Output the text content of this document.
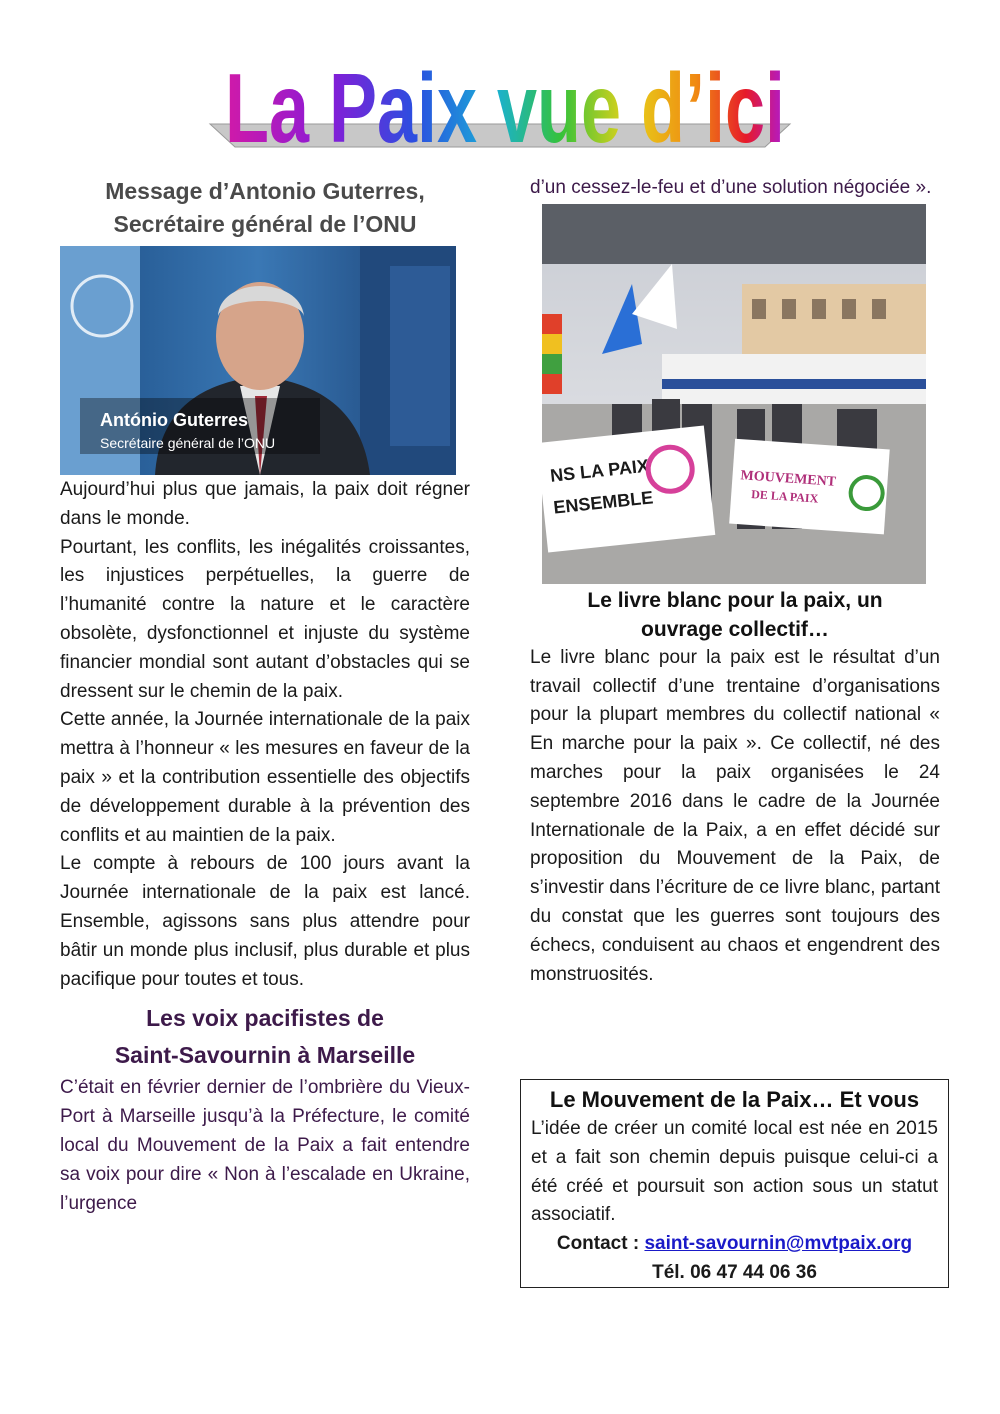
La Paix vue d’ici
Message d’Antonio Guterres,
Secrétaire général de l’ONU
António Guterres
Secrétaire général de l’ONU

Aujourd’hui plus que jamais, la paix doit régner dans le monde.

Pourtant, les conflits, les inégalités croissantes, les injustices perpétuelles, la guerre de l’humanité contre la nature et le caractère obsolète, dysfonctionnel et injuste du système financier mondial sont autant d’obstacles qui se dressent sur le chemin de la paix.

Cette année, la Journée internationale de la paix mettra à l’honneur « les mesures en faveur de la paix » et la contribution essentielle des objectifs de développement durable à la prévention des conflits et au maintien de la paix.

Le compte à rebours de 100 jours avant la Journée internationale de la paix est lancé. Ensemble, agissons sans plus attendre pour bâtir un monde plus inclusif, plus durable et plus pacifique pour toutes et tous.

Les voix pacifistes de
Saint-Savournin à Marseille

C’était en février dernier de l’ombrière du Vieux-Port à Marseille jusqu’à la Préfecture, le comité local du Mouvement de la Paix a fait entendre sa voix pour dire « Non à l’escalade en Ukraine, l’urgence

d’un cessez-le-feu et d’une solution négociée ».

NS LA PAIX
ENSEMBLE
MOUVEMENT
DE LA PAIX
Le livre blanc pour la paix, un
ouvrage collectif…

Le livre blanc pour la paix est le résultat d’un travail collectif d’une trentaine d’organisations pour la plupart membres du collectif national « En marche pour la paix ». Ce collectif, né des marches pour la paix organisées le 24 septembre 2016 dans le cadre de la Journée Internationale de la Paix, a en effet décidé sur proposition du Mouvement de la Paix, de s’investir dans l’écriture de ce livre blanc, partant du constat que les guerres sont toujours des échecs, conduisent au chaos et engendrent des monstruosités.

Le Mouvement de la Paix… Et vous

L’idée de créer un comité local est née en 2015 et a fait son chemin depuis puisque celui-ci a été créé et poursuit son action sous un statut associatif.

Contact : saint-savournin@mvtpaix.org

Tél. 06 47 44 06 36
